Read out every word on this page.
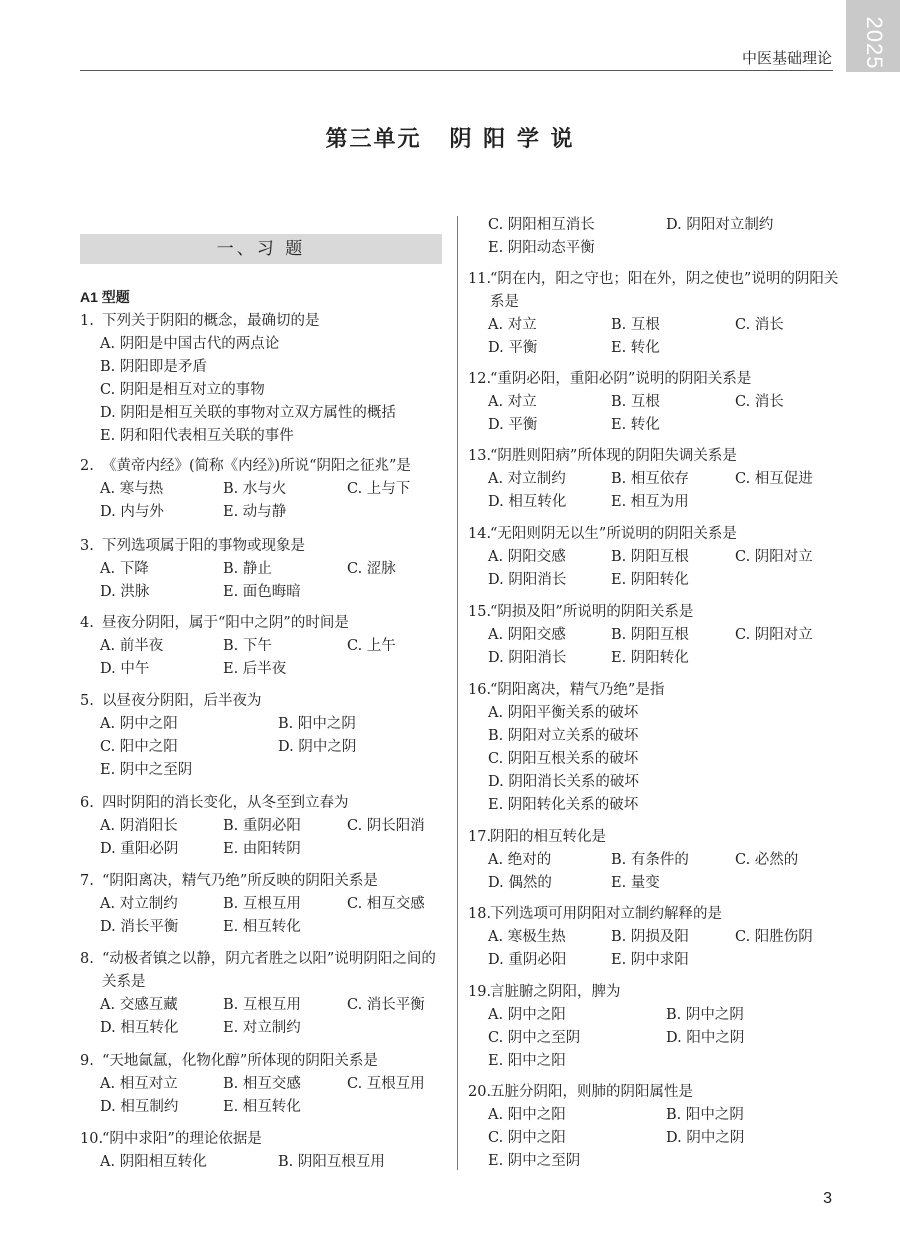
2025
中医基础理论
第三单元 阴 阳 学 说
一、习 题
A1 型题
1. 下列关于阴阳的概念，最确切的是
A. 阴阳是中国古代的两点论
B. 阴阳即是矛盾
C. 阴阳是相互对立的事物
D. 阴阳是相互关联的事物对立双方属性的概括
E. 阴和阳代表相互关联的事件
2. 《黄帝内经》(简称《内经》)所说“阴阳之征兆”是
A. 寒与热	B. 水与火	C. 上与下
D. 内与外	E. 动与静
3. 下列选项属于阳的事物或现象是
A. 下降	B. 静止	C. 涩脉
D. 洪脉	E. 面色晦暗
4. 昼夜分阴阳，属于“阳中之阴”的时间是
A. 前半夜	B. 下午	C. 上午
D. 中午	E. 后半夜
5. 以昼夜分阴阳，后半夜为
A. 阴中之阳	B. 阳中之阴
C. 阳中之阳	D. 阴中之阴
E. 阴中之至阴
6. 四时阴阳的消长变化，从冬至到立春为
A. 阴消阳长	B. 重阴必阳	C. 阴长阳消
D. 重阳必阴	E. 由阳转阴
7. “阴阳离决，精气乃绝”所反映的阴阳关系是
A. 对立制约	B. 互根互用	C. 相互交感
D. 消长平衡	E. 相互转化
8. “动极者镇之以静，阴亢者胜之以阳”说明阴阳之间的关系是
A. 交感互藏	B. 互根互用	C. 消长平衡
D. 相互转化	E. 对立制约
9. “天地氤氲，化物化醇”所体现的阴阳关系是
A. 相互对立	B. 相互交感	C. 互根互用
D. 相互制约	E. 相互转化
10.“阴中求阳”的理论依据是
A. 阴阳相互转化	B. 阴阳互根互用
C. 阴阳相互消长	D. 阴阳对立制约
E. 阴阳动态平衡
11.“阴在内，阳之守也；阳在外，阴之使也”说明的阴阳关系是
A. 对立	B. 互根	C. 消长
D. 平衡	E. 转化
12.“重阴必阳，重阳必阴”说明的阴阳关系是
A. 对立	B. 互根	C. 消长
D. 平衡	E. 转化
13.“阴胜则阳病”所体现的阴阳失调关系是
A. 对立制约	B. 相互依存	C. 相互促进
D. 相互转化	E. 相互为用
14.“无阳则阴无以生”所说明的阴阳关系是
A. 阴阳交感	B. 阴阳互根	C. 阴阳对立
D. 阴阳消长	E. 阴阳转化
15.“阴损及阳”所说明的阴阳关系是
A. 阴阳交感	B. 阴阳互根	C. 阴阳对立
D. 阴阳消长	E. 阴阳转化
16.“阴阳离决，精气乃绝”是指
A. 阴阳平衡关系的破坏
B. 阴阳对立关系的破坏
C. 阴阳互根关系的破坏
D. 阴阳消长关系的破坏
E. 阴阳转化关系的破坏
17.阴阳的相互转化是
A. 绝对的	B. 有条件的	C. 必然的
D. 偶然的	E. 量变
18.下列选项可用阴阳对立制约解释的是
A. 寒极生热	B. 阴损及阳	C. 阳胜伤阴
D. 重阴必阳	E. 阴中求阳
19.言脏腑之阴阳，脾为
A. 阴中之阳	B. 阴中之阴
C. 阴中之至阴	D. 阳中之阴
E. 阳中之阳
20.五脏分阴阳，则肺的阴阳属性是
A. 阳中之阳	B. 阳中之阴
C. 阴中之阳	D. 阴中之阴
E. 阴中之至阴
3
